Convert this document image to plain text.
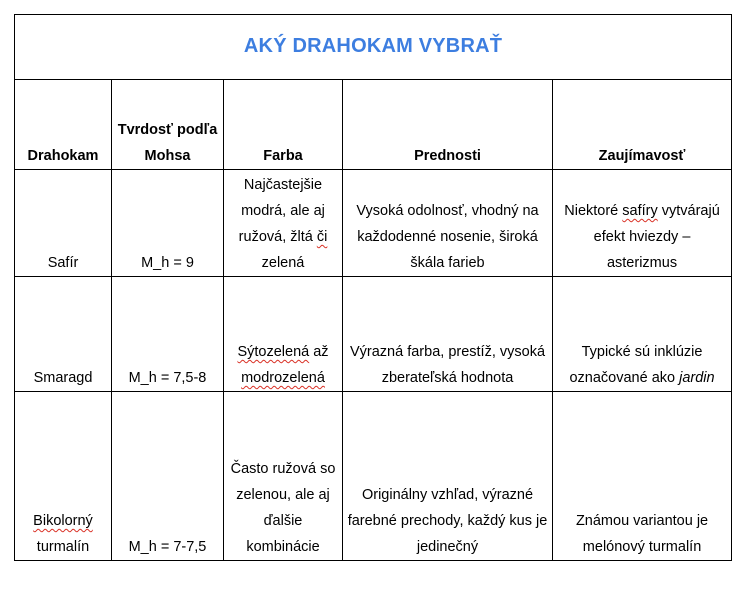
AKÝ DRAHOKAM VYBRAŤ				
Drahokam	Tvrdosť podľa Mohsa	Farba	Prednosti	Zaujímavosť
Safír	M_h = 9	Najčastejšie modrá, ale aj ružová, žltá či zelená	Vysoká odolnosť, vhodný na každodenné nosenie, široká škála farieb	Niektoré safíry vytvárajú efekt hviezdy – asterizmus
Smaragd	M_h = 7,5-8	Sýtozelená až modrozelená	Výrazná farba, prestíž, vysoká zberateľská hodnota	Typické sú inklúzie označované ako jardin
Bikolorný turmalín	M_h = 7-7,5	Často ružová so zelenou, ale aj ďalšie kombinácie	Originálny vzhľad, výrazné farebné prechody, každý kus je jedinečný	Známou variantou je melónový turmalín
